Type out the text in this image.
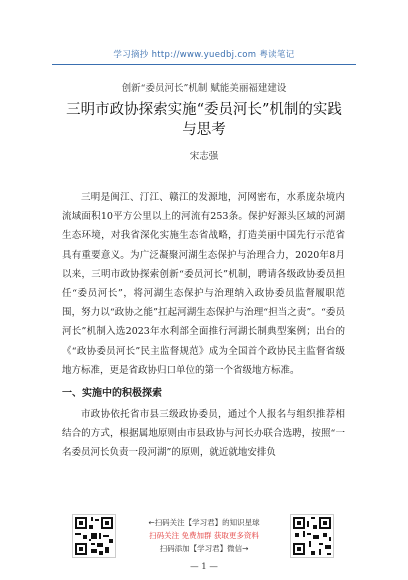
学习摘抄 http://www.yuedbj.com 粤读笔记
创新“委员河长”机制 赋能美丽福建建设
三明市政协探索实施“委员河长”机制的实践与思考
宋志强

三明是闽江、汀江、赣江的发源地，河网密布，水系庞杂境内流域面积10平方公里以上的河流有253条。保护好源头区域的河湖生态环境，对我省深化实施生态省战略，打造美丽中国先行示范省具有重要意义。为广泛凝聚河湖生态保护与治理合力，2020年8月以来，三明市政协探索创新“委员河长”机制，聘请各级政协委员担任“委员河长”，将河湖生态保护与治理纳入政协委员监督履职范围，努力以“政协之能”扛起河湖生态保护与治理“担当之责”。“委员河长”机制入选2023年水利部全面推行河湖长制典型案例；出台的《“政协委员河长”民主监督规范》成为全国首个政协民主监督省级地方标准，更是省政协归口单位的第一个省级地方标准。

一、实施中的积极探索

市政协依托省市县三级政协委员，通过个人报名与组织推荐相结合的方式，根据属地原则由市县政协与河长办联合选聘，按照“一名委员河长负责一段河湖”的原则，就近就地安排负

←扫码关注【学习君】的知识星球
扫码关注 免费加群 获取更多资料
扫码添加【学习君】微信→
— 1 —
